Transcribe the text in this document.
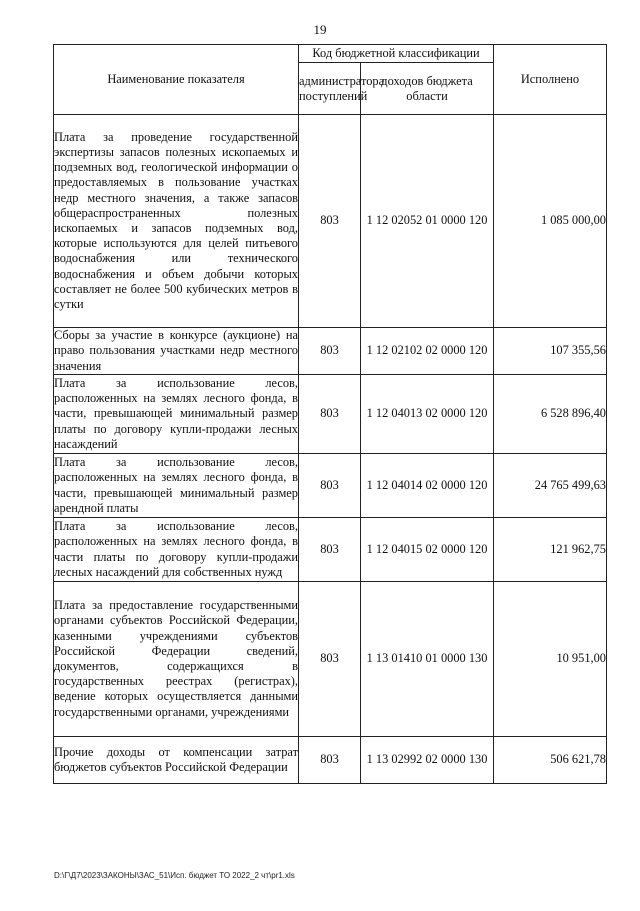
19
Наименование показателя	Код бюджетной классификации		Исполнено
	администратора поступлений	доходов бюджета области	
Плата за проведение государственной экспертизы запасов полезных ископаемых и подземных вод, геологической информации о предоставляемых в пользование участках недр местного значения, а также запасов общераспространенных полезных ископаемых и запасов подземных вод, которые используются для целей питьевого водоснабжения или технического водоснабжения и объем добычи которых составляет не более 500 кубических метров в сутки	803	1 12 02052 01 0000 120	1 085 000,00
Сборы за участие в конкурсе (аукционе) на право пользования участками недр местного значения	803	1 12 02102 02 0000 120	107 355,56
Плата за использование лесов, расположенных на землях лесного фонда, в части, превышающей минимальный размер платы по договору купли-продажи лесных насаждений	803	1 12 04013 02 0000 120	6 528 896,40
Плата за использование лесов, расположенных на землях лесного фонда, в части, превышающей минимальный размер арендной платы	803	1 12 04014 02 0000 120	24 765 499,63
Плата за использование лесов, расположенных на землях лесного фонда, в части платы по договору купли-продажи лесных насаждений для собственных нужд	803	1 12 04015 02 0000 120	121 962,75
Плата за предоставление государственными органами субъектов Российской Федерации, казенными учреждениями субъектов Российской Федерации сведений, документов, содержащихся в государственных реестрах (регистрах), ведение которых осуществляется данными государственными органами, учреждениями	803	1 13 01410 01 0000 130	10 951,00
Прочие доходы от компенсации затрат бюджетов субъектов Российской Федерации	803	1 13 02992 02 0000 130	506 621,78
D:\Г\Д7\2023\ЗАКОНЫ\ЗАС_51\Исп. бюджет ТО 2022_2 чт\pr1.xls
